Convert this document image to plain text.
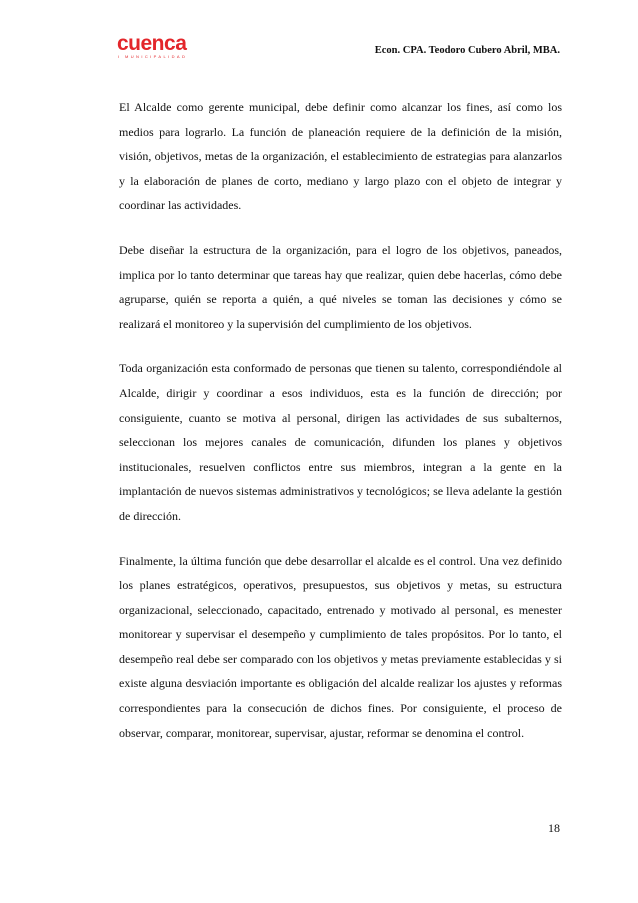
cuenca
I MUNICIPALIDAD
Econ. CPA. Teodoro Cubero Abril, MBA.

El Alcalde como gerente municipal, debe definir como alcanzar los fines, así como los medios para lograrlo. La función de planeación requiere de la definición de la misión, visión, objetivos, metas de la organización, el establecimiento de estrategias para alanzarlos y la elaboración de planes de corto, mediano y largo plazo con el objeto de integrar y coordinar las actividades.

Debe diseñar la estructura de la organización, para el logro de los objetivos, paneados, implica por lo tanto determinar que tareas hay que realizar, quien debe hacerlas, cómo debe agruparse, quién se reporta a quién, a qué niveles se toman las decisiones y cómo se realizará el monitoreo y la supervisión del cumplimiento de los objetivos.

Toda organización esta conformado de personas que tienen su talento, correspondiéndole al Alcalde, dirigir y coordinar a esos individuos, esta es la función de dirección; por consiguiente, cuanto se motiva al personal, dirigen las actividades de sus subalternos, seleccionan los mejores canales de comunicación, difunden los planes y objetivos institucionales, resuelven conflictos entre sus miembros, integran a la gente en la implantación de nuevos sistemas administrativos y tecnológicos; se lleva adelante la gestión de dirección.

Finalmente, la última función que debe desarrollar el alcalde es el control. Una vez definido los planes estratégicos, operativos, presupuestos, sus objetivos y metas, su estructura organizacional, seleccionado, capacitado, entrenado y motivado al personal, es menester monitorear y supervisar el desempeño y cumplimiento de tales propósitos. Por lo tanto, el desempeño real debe ser comparado con los objetivos y metas previamente establecidas y si existe alguna desviación importante es obligación del alcalde realizar los ajustes y reformas correspondientes para la consecución de dichos fines. Por consiguiente, el proceso de observar, comparar, monitorear, supervisar, ajustar, reformar se denomina el control.

18
